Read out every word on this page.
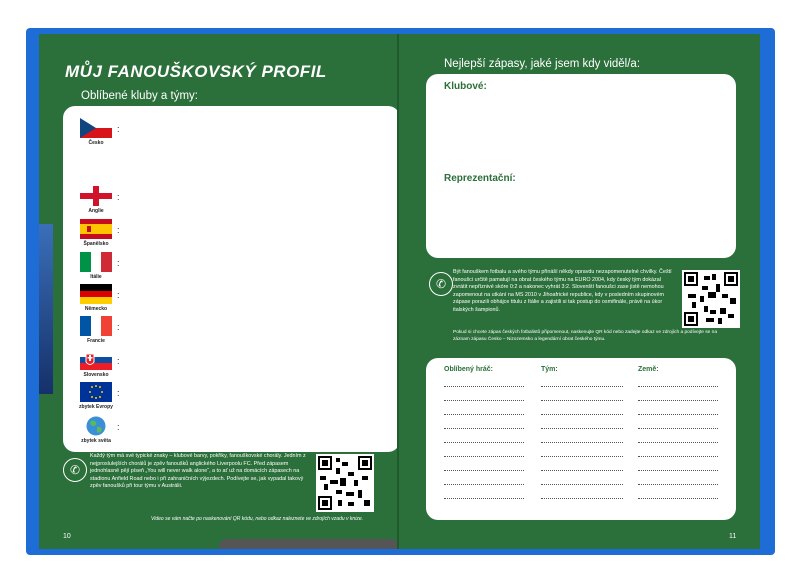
MŮJ FANOUŠKOVSKÝ PROFIL
Oblíbené kluby a týmy:
Česko
:
Anglie
:
Španělsko
:
Itálie
:
Německo
:
Francie
:
Slovensko
:
zbytek Evropy
:
zbytek světa
:
✆
Každý tým má své typické znaky – klubové barvy, pokřiky, fanouškovské chorály. Jedním z nejproslulejších chorálů je zpěv fanoušků anglického Liverpoolu FC. Před zápasem jednohlasně pějí píseň „You will never walk alone“, a to ať už na domácích zápasech na stadionu Anfield Road nebo i při zahraničních výjezdech. Podívejte se, jak vypadal takový zpěv fanoušků při tour týmu v Austrálii.
Video se vám načte po naskenování QR kódu, nebo odkaz naleznete ve zdrojích vzadu v knize.
10
Nejlepší zápasy, jaké jsem kdy viděl/a:
Klubové:
Reprezentační:
✆
Být fanouškem fotbalu a svého týmu přináší někdy opravdu nezapomenutelné chvilky. Čeští fanoušci určitě pamatují na obrat českého týmu na EURO 2004, kdy český tým dokázal zvrátit nepříznivé skóre 0:2 a nakonec vyhrát 3:2. Slovenští fanoušci zase jistě nemohou zapomenout na utkání na MS 2010 v Jihoafrické republice, kdy v posledním skupinovém zápase porazili obhájce titulu z Itálie a zajistili si tak postup do osmifinále, právě na úkor italských šampionů.
Pokud si chcete zápas českých fotbalistů připomenout, naskenujte QR kód nebo zadejte odkaz ve zdrojích a podívejte se na záznam zápasu Česko – Nizozemsko a legendární obrat českého týmu.
Oblíbený hráč:	Tým:	Země:
11
